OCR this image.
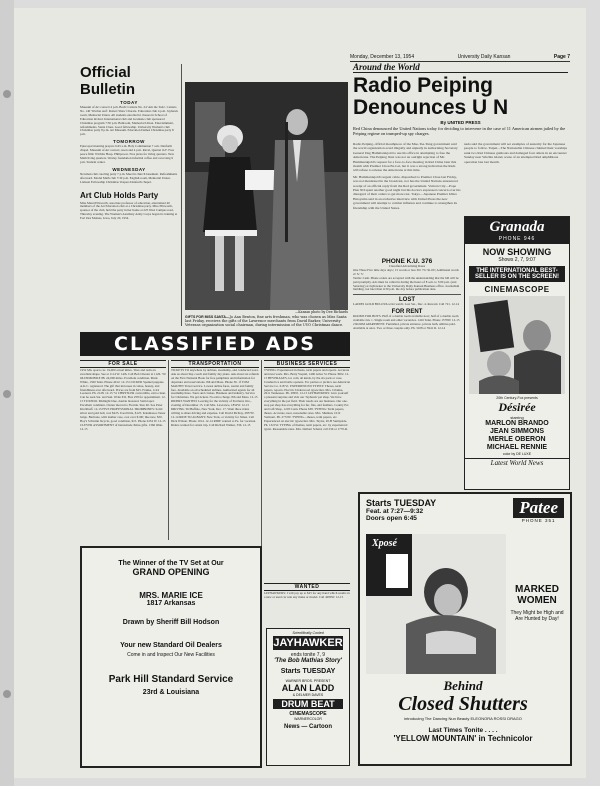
Monday, December 13, 1954	University Daily Kansan	Page 7
Official Bulletin
TODAY
Museum of Art concert 4 p.m. Bach: Cantata No. 24 'Am die Tods'. Cantata No. 140 'Wachet Auf'. Robert Shaw Chorale. Education club 4 p.m. Jayhawk room, Memorial Union. All students enrolled in classes in School of Education invited. International club and Graduate club sponsored Christmas program 7:30 p.m. Ballroom, Memorial Union. Entertainment, refreshments. Santa Claus. Good fellowship. University Women's club Christmas party 8 p.m. Art Museum. Education Dames Christmas party 8 p.m.
TOMORROW
Episcopal morning prayers 6:45 a.m. Holy Communion 7 a.m. Danforth chapel. Museum of Art concert, noon and 4 p.m. Ravel, Quartet in F. Free peace film: Wichita Hosp. Philipower. Free pizza for living quarters. New Math living quarters. Wesley foundation informal coffee and carol sing 9 p.m. Student center.
WEDNESDAY
Newman club caroling party 7 p.m. Meet in church basement. Refreshments afterward. Model Math club 7:30 p.m. English room, Memorial Union. Lisbeen Fellowship Christmas Vespers Danforth chapel.
Art Club Holds Party
Miss Maud Ellsworth, associate professor of education, entertained 40 members of the Art Education club at a Christmas party. Miss Ellsworth, sponsor of the club, held the party in her home at 225 West Campus road, Thursday evening. The Women's Auxiliary Army Corps began its training at Fort Des Moines, Iowa, July 20, 1954.
—Kansan photo by Dee Richards
GIFTS FOR MISS SANTA—Jo Ann Benton, fine arts freshman, who was chosen as Miss Santa last Friday, receives the gifts of the Lawrence merchants from David Barker, University Veterans organization social chairman, during intermission of the UVO Christmas dance.
Around the World
Radio Peiping
Denounces U N
By UNITED PRESS
Red China denounced the United Nations today for deciding to intervene in the case of 11 American airmen jailed by the Peiping regime on trumped-up spy charges.
Radio Peiping, official mouthpiece of the Mao-Tse-Tung government said the world organization acted illegally and unjustly in authorizing Secretary General Dag Hammarskjold to use his office in attempting to free the Americans. The Peiping blast was not an outright rejection of Mr. Hammarskjold's request for a face-to-face meeting in Red China later this month with Premier Chou En-Lai, but it was a strong indication the Reds will refuse to release the Americans at this time.
Mr. Hammarskjold's urgent cable, dispatched to Premier Chou last Friday, was not mentioned in the broadcast, nor has the United Nations announced receipt of an official reply from the Red government. Vatican City—Pope Pius XII spent another good night but his doctors expressed concern over his disregard of their orders to get more rest. Tokyo—Japanese Premier Ichiro Hatoyama said in an exclusive interview with United Press the new government will attempt to combat inflation and continue to strengthen its friendship with the United States.
nada said the government will set examples of austerity for the Japanese people to follow. Taipei—The Nationalist Chinese claimed their warships sank two Red Chinese gunboats and damaged four others in an encounter Sunday near Wuchiu island, scene of an attempted Red amphibious operation late last month.
PHONE K.U. 376
Classified Advertising Rates
One Three Five time days days | 15 words or less 30c 75c $1.00 | Additional words 2c 5c 7c
Terms: Cash. Phone orders are accepted with the understanding that the bill will be paid promptly. Ads must be called in during the hours of 8 a.m. to 5:00 p.m. (and Saturday) at Jayhawker to the University Daily Kansan Business office. Journalism building, not later than 4:30 p.m. the day before publication date.
LOST
LADIES GOLD BULOVA wrist watch. Lost Sat., Dec. 4. Reward. Call 721. 12-14
FOR RENT
ROOMS FOR BOYS. Half of a double room available now; half of a double room available Jan. 1. Single room and other vacancies. 1416 Tenn. Phone 1578W. 12-15 2 ROOM APARTMENT. Furnished, private entrance, private bath, utilities paid. Available at once. Two or three couples only. Ph. 3108 or 3941 R. 12-14
Granada
PHONE 946
NOW SHOWING
Shows 2, 7, 9:07
THE INTERNATIONAL BEST-SELLER IS ON THE SCREEN!
CINEMASCOPE
20th Century-Fox presents
Désirée
starring
MARLON BRANDO
JEAN SIMMONS
MERLE OBERON
MICHAEL RENNIE
color by DE LUXE
Latest World News
CLASSIFIED ADS
FOR SALE
1952 MG sports car. 19,000 actual miles. Tires and radio in excellent shape. See at 1114 W. 14th. Call Bob Chester at 1126. '50 OLDSMOBILE 88. 24,000 miles. Excellent condition. Mark White, 1500 Tenn. Phone 4012. 12-15 COCKER Spaniel puppies. A.K.C. registered. The gift that increases in value, beauty, and friendliness ever afterward. Prices are from $25. Franks, 1124 Leonard. Ph. 2128. 12-15 '51 CHRYSLER convertible, extra clean. Can be seen Sat. and Sun. Write P.O. Box 258 for appointment. 12-15 TUXEDO. Midnight blue, double breasted. Satin lapel. Excellent condition. Owner moved to Florida. Size 40. See Peter Kirchhoff. 12-15 FIVE PROFESSIONAL TROMBONES: Solid silver and gold bell, cost $225. Used little, $125. Kalamazoo Tenor banjo. Baritone, with leather case, cost over $100; like new, $50. Boy's Schwinn bicycle, good condition, $15. Phone 2234 W. 12-15 CLEVER ASSORTMENT of hand-made Xmas gifts. 1366 Ohio. 12-15
TRANSPORTATION
TICKETS TO anywhere by airlines, steamship, and conducted tours. Ask us about Sky-coach and family day plans. Ask about tax refunds on the First National Book for free pamphlets and information for departure and reservations. 8th and Mass. Phone 36. 1f TOM MAUPIN Travel service. Lowest airline fares, tourist and family fare. Available on all scheduled airlines. Authorized agents for all steamship lines. Tours and cruises. Business and industry. Service for Christmas. We get tickets. No extra charge. 8th and Mass. 12-15 RIDERS WANTED: Leaving for the vicinity of Portland, Ore., evening of December 15. Call Mrs. Lawrence, 1852W. 12-15 DRIVING TO Buffalo, New York, Dec. 17. Want three riders willing to share driving and expense. Call David McKay, 2857W. 12-14 RIDE TO ALBANY, New York, or vicinity for Xmas. Call Dick Wilson. Phone 1014. 12-14 RIDE wanted to Pa. for vacation. Riders wanted for return trip. Call Richard Walker, 336. 12-15
BUSINESS SERVICES
TYPING: Experienced in thesis, term papers and reports. Accurate and neat work. Mrs. Betty Vaquid, 1400 Arbor St. Phone 3002. 12-15 BEVERAGES, ice cold, all kinds, by the six pack or case. Crushed ice and bottle openers. For parties or picnics see American Service Co. 618 Vt. EXPERIENCED TYPIST: Theses, term papers, reports. Electric Underwood typewriter. Mrs. Cibulka, 2611 Tennessee. Ph. 2865J. 12-15 JAYHAWKERS: Give yourself a pleasant surprise and visit our 'Jayhawk' pet shop. We have everything in the pet field. Their needs are our business. Our one-stop pet shop has everything for fur, fins, and feathers. County Pet and Gift Shop, 1218 Conn. Phone 638. TYPING: Term papers, theses. Accurate, neat, reasonable rates. Mrs. Shuman, 1012 Vermont. Ph. 2772W. TYPING—theses, term papers, etc. Experienced on electric typewriter. Mrs. Taylor, 20-B Sunnyside. Ph. 1321W. TYPING of themes, term papers, etc. by experienced typist. Reasonable rates. Mrs. Delbert Schaid, call 236 or 1770-R.
WANTED
JAYHAWKERS: I will pay up to $25 for any hand which results in a new or used car sale any make or model. Call 4289W. 12-15
The Winner of the TV Set at Our
GRAND OPENING
MRS. MARIE ICE
1817 Arkansas
Drawn by Sheriff Bill Hodson
Your new Standard Oil Dealers
Come in and Inspect Our New Facilities
Park Hill Standard Service
23rd & Louisiana
Scientifically Cooled
JAYHAWKER
ends tonite 7, 9
'The Bob Mathias Story'
Starts TUESDAY
WARNER BROS. PRESENT
ALAN LADD
& DELMER DAVES
DRUM BEAT
CINEMASCOPE
WARNERCOLOR
News — Cartoon
Starts TUESDAY
Feat. at 7:27—9:32
Doors open 6:45
Patee
PHONE 351
Xposé
MARKED WOMEN
They Might be High and Are Hunted by Day!
Behind
Closed Shutters
introducing The Dancing Nun Beauty ELEONORA ROSSI DRAGO
Last Times Tonite . . . .
'YELLOW MOUNTAIN' in Technicolor
